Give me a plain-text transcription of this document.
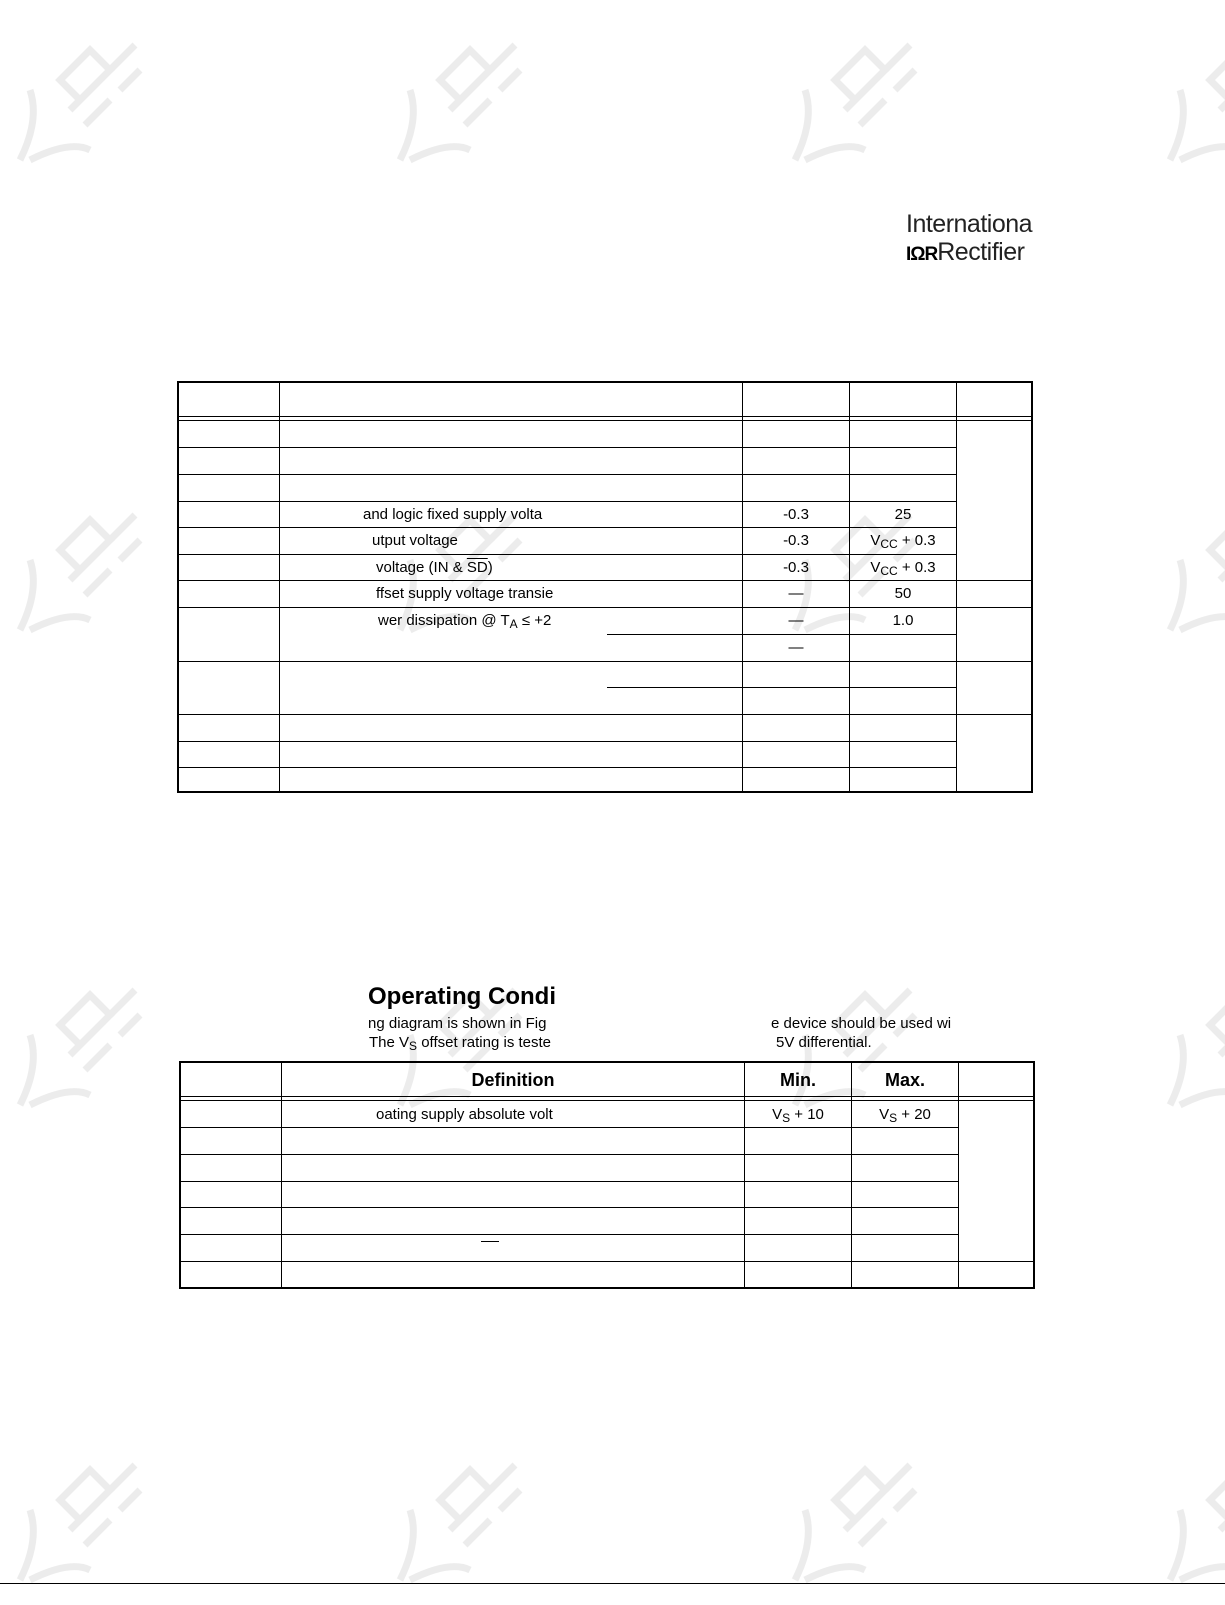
Internationa
IΩRRectifier
and logic fixed supply volta	-0.3	25
utput voltage	-0.3	$V_{CC} + 0.3$
voltage (IN & $\overline{SD}$)	-0.3	$V_{CC} + 0.3$
ffset supply voltage transie	—	50
wer dissipation @ $T_A \le +2$	—	1.0
—
Operating Condi
ng diagram is shown in Fig	e device should be used wi
The $V_S$ offset rating is teste	5V differential.
Definition	Min.	Max.
oating supply absolute volt	$V_S + 10$	$V_S + 20$
